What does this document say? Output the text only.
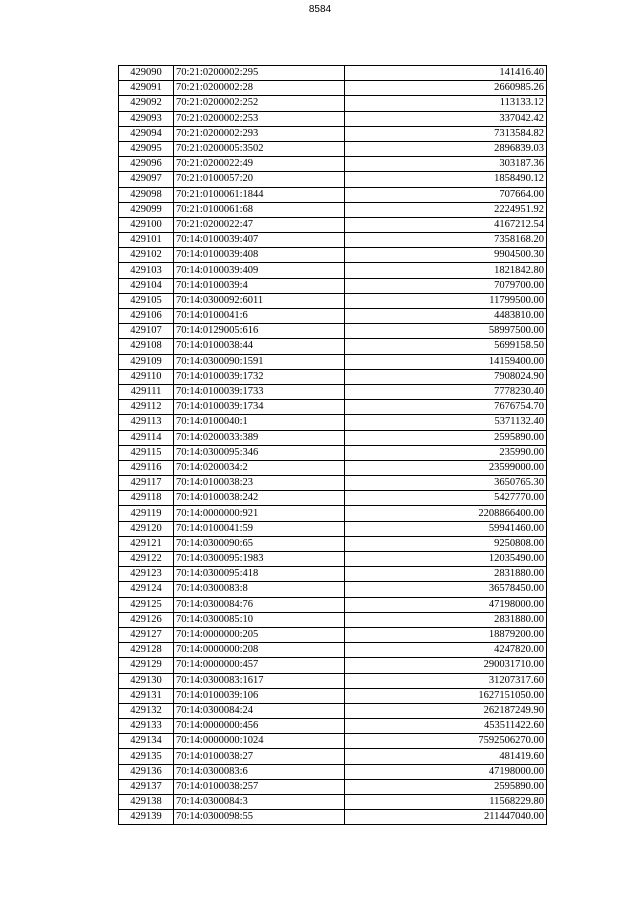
8584
429090	70:21:0200002:295	141416.40
429091	70:21:0200002:28	2660985.26
429092	70:21:0200002:252	113133.12
429093	70:21:0200002:253	337042.42
429094	70:21:0200002:293	7313584.82
429095	70:21:0200005:3502	2896839.03
429096	70:21:0200022:49	303187.36
429097	70:21:0100057:20	1858490.12
429098	70:21:0100061:1844	707664.00
429099	70:21:0100061:68	2224951.92
429100	70:21:0200022:47	4167212.54
429101	70:14:0100039:407	7358168.20
429102	70:14:0100039:408	9904500.30
429103	70:14:0100039:409	1821842.80
429104	70:14:0100039:4	7079700.00
429105	70:14:0300092:6011	11799500.00
429106	70:14:0100041:6	4483810.00
429107	70:14:0129005:616	58997500.00
429108	70:14:0100038:44	5699158.50
429109	70:14:0300090:1591	14159400.00
429110	70:14:0100039:1732	7908024.90
429111	70:14:0100039:1733	7778230.40
429112	70:14:0100039:1734	7676754.70
429113	70:14:0100040:1	5371132.40
429114	70:14:0200033:389	2595890.00
429115	70:14:0300095:346	235990.00
429116	70:14:0200034:2	23599000.00
429117	70:14:0100038:23	3650765.30
429118	70:14:0100038:242	5427770.00
429119	70:14:0000000:921	2208866400.00
429120	70:14:0100041:59	59941460.00
429121	70:14:0300090:65	9250808.00
429122	70:14:0300095:1983	12035490.00
429123	70:14:0300095:418	2831880.00
429124	70:14:0300083:8	36578450.00
429125	70:14:0300084:76	47198000.00
429126	70:14:0300085:10	2831880.00
429127	70:14:0000000:205	18879200.00
429128	70:14:0000000:208	4247820.00
429129	70:14:0000000:457	290031710.00
429130	70:14:0300083:1617	31207317.60
429131	70:14:0100039:106	1627151050.00
429132	70:14:0300084:24	262187249.90
429133	70:14:0000000:456	453511422.60
429134	70:14:0000000:1024	7592506270.00
429135	70:14:0100038:27	481419.60
429136	70:14:0300083:6	47198000.00
429137	70:14:0100038:257	2595890.00
429138	70:14:0300084:3	11568229.80
429139	70:14:0300098:55	211447040.00
